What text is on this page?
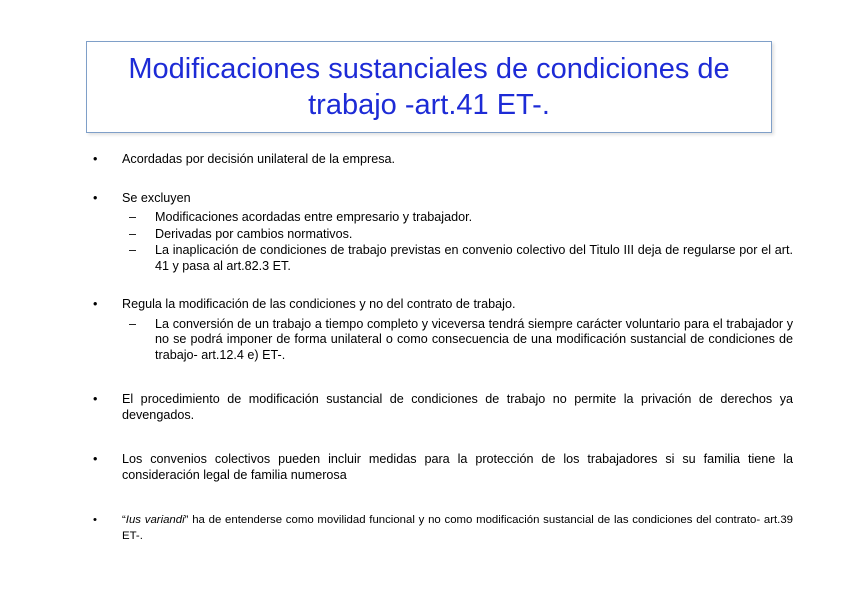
Modificaciones sustanciales de condiciones de trabajo -art.41 ET-.
• Acordadas por decisión unilateral de la empresa.
• Se excluyen
– Modificaciones acordadas entre empresario y trabajador.
– Derivadas por cambios normativos.
– La inaplicación de condiciones de trabajo previstas en convenio colectivo del Titulo III deja de regularse por el art. 41 y pasa al art.82.3 ET.
• Regula la modificación de las condiciones y no del contrato de trabajo.
– La conversión de un trabajo a tiempo completo y viceversa tendrá siempre carácter voluntario para el trabajador y no se podrá imponer de forma unilateral o como consecuencia de una modificación sustancial de condiciones de trabajo- art.12.4 e) ET-.
• El procedimiento de modificación sustancial de condiciones de trabajo no permite la privación de derechos ya devengados.
• Los convenios colectivos pueden incluir medidas para la protección de los trabajadores si su familia tiene la consideración legal de familia numerosa
• “Ius variandi” ha de entenderse como movilidad funcional y no como modificación sustancial de las condiciones del contrato- art.39 ET-.
